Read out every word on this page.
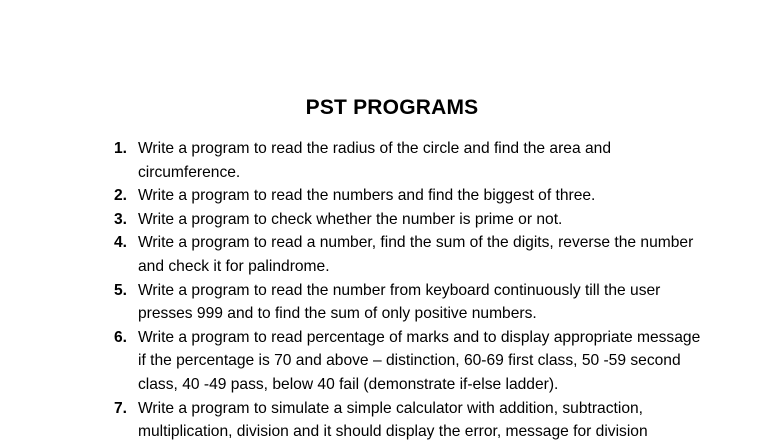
PST PROGRAMS
1. Write a program to read the radius of the circle and find the area and circumference.
2. Write a program to read the numbers and find the biggest of three.
3. Write a program to check whether the number is prime or not.
4. Write a program to read a number, find the sum of the digits, reverse the number and check it for palindrome.
5. Write a program to read the number from keyboard continuously till the user presses 999 and to find the sum of only positive numbers.
6. Write a program to read percentage of marks and to display appropriate message if the percentage is 70 and above – distinction, 60-69 first class, 50 -59 second class, 40 -49 pass, below 40 fail (demonstrate if-else ladder).
7. Write a program to simulate a simple calculator with addition, subtraction, multiplication, division and it should display the error, message for division
